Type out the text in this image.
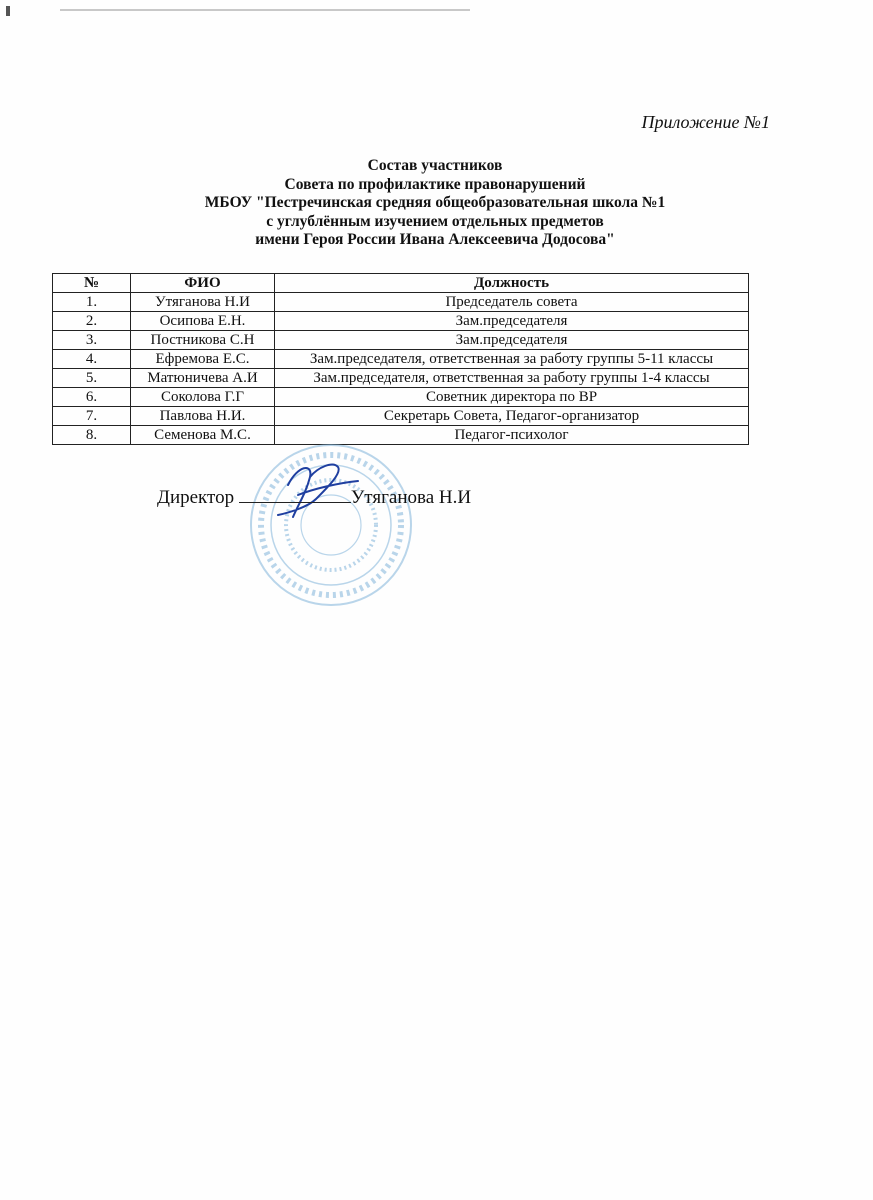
Приложение №1
Состав участников
Совета по профилактике правонарушений
МБОУ "Пестречинская средняя общеобразовательная школа №1
с углублённым изучением отдельных предметов
имени Героя России Ивана Алексеевича Додосова"
№	ФИО	Должность
1.	Утяганова Н.И	Председатель совета
2.	Осипова Е.Н.	Зам.председателя
3.	Постникова С.Н	Зам.председателя
4.	Ефремова Е.С.	Зам.председателя, ответственная за работу группы 5-11 классы
5.	Матюничева А.И	Зам.председателя, ответственная за работу группы 1-4 классы
6.	Соколова Г.Г	Советник директора по ВР
7.	Павлова Н.И.	Секретарь Совета, Педагог-организатор
8.	Семенова М.С.	Педагог-психолог
Директор	Утяганова Н.И
